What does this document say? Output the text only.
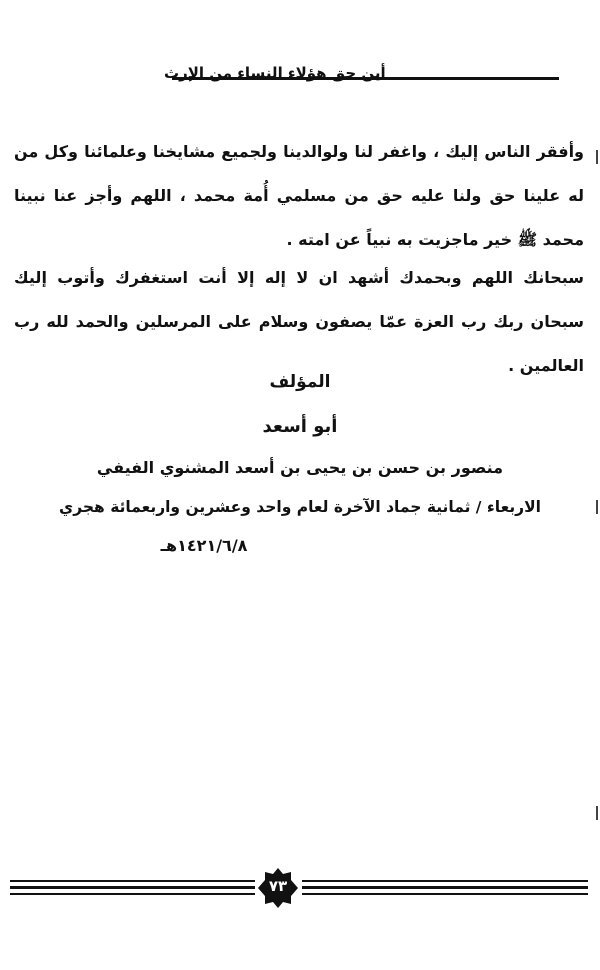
أين حق هؤلاء النساء من الإرث

وأفقر الناس إليك ، واغفر لنا ولوالدينا ولجميع مشايخنا وعلمائنا وكل من له علينا حق ولنا عليه حق من مسلمي أُمة محمد ، اللهم وأجز عنا نبينا محمد ﷺ خير ماجزيت به نبياً عن امته .

سبحانك اللهم وبحمدك أشهد ان لا إله إلا أنت استغفرك وأتوب إليك سبحان ربك رب العزة عمّا يصفون وسلام على المرسلين والحمد لله رب العالمين .

المؤلف

أبو أسعد

منصور بن حسن بن يحيى بن أسعد المشنوي الفيفي

الاربعاء / ثمانية جماد الآخرة لعام واحد وعشرين واربعمائة هجري

١٤٢١/٦/٨هـ

٧٣
